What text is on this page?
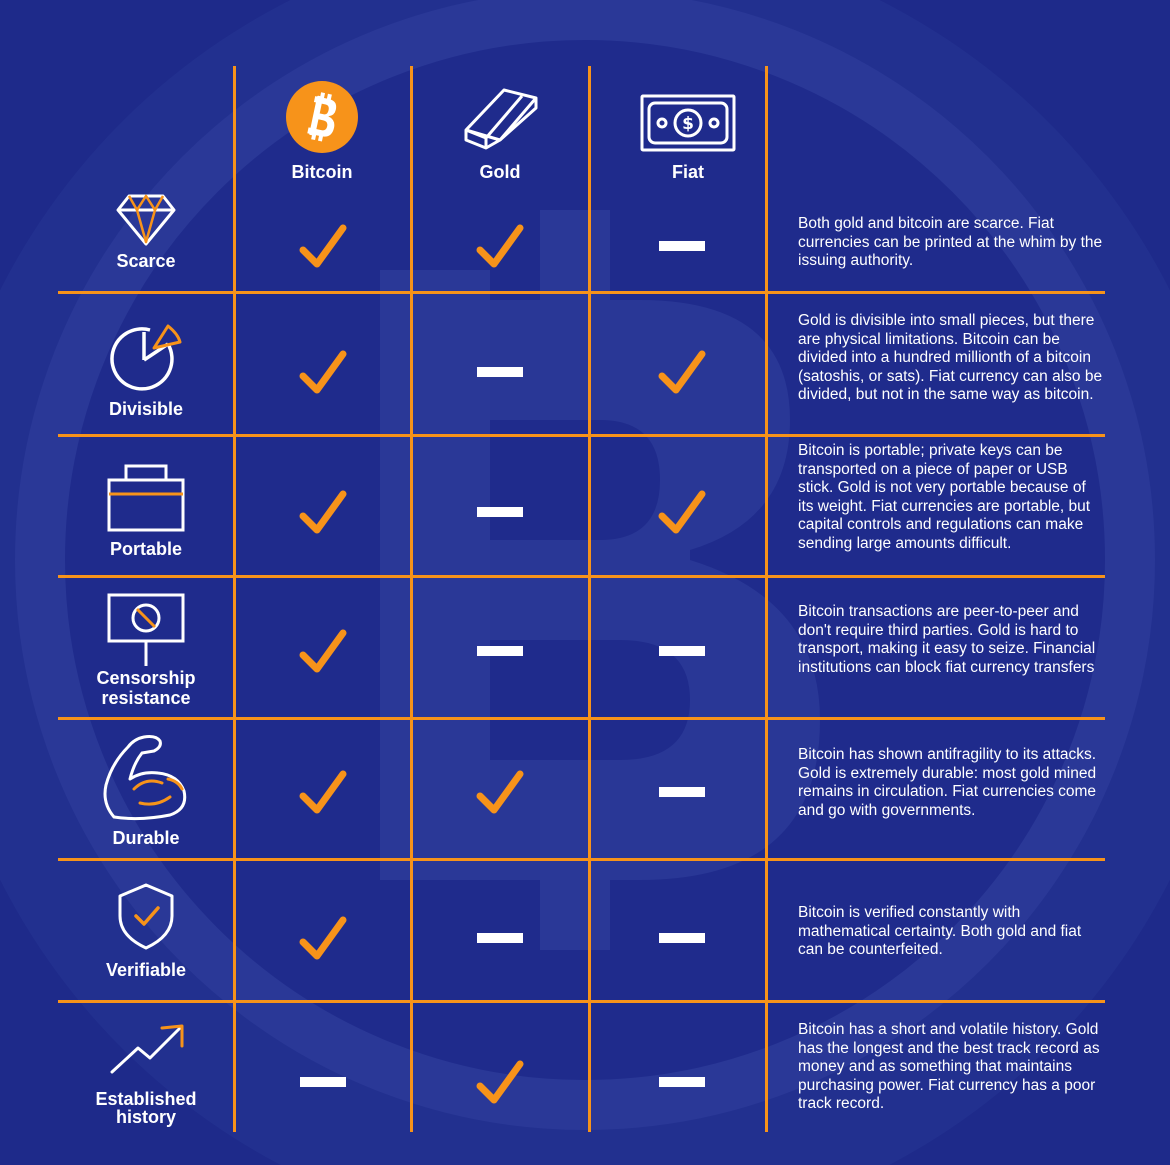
Bitcoin	Gold
$
Fiat
Scarce
Divisible
Portable
Censorship
resistance
Durable
Verifiable
Established
history
Both gold and bitcoin are scarce. Fiat currencies can be printed at the whim by the issuing authority.
Gold is divisible into small pieces, but there are physical limitations. Bitcoin can be divided into a hundred millionth of a bitcoin (satoshis, or sats). Fiat currency can also be divided, but not in the same way as bitcoin.
Bitcoin is portable; private keys can be transported on a piece of paper or USB stick. Gold is not very portable because of its weight. Fiat currencies are portable, but capital controls and regulations can make sending large amounts difficult.
Bitcoin transactions are peer-to-peer and don't require third parties. Gold is hard to transport, making it easy to seize. Financial institutions can block fiat currency transfers
Bitcoin has shown antifragility to its attacks. Gold is extremely durable: most gold mined remains in circulation. Fiat currencies come and go with governments.
Bitcoin is verified constantly with mathematical certainty. Both gold and fiat can be counterfeited.
Bitcoin has a short and volatile history. Gold has the longest and the best track record as money and as something that maintains purchasing power. Fiat currency has a poor track record.
